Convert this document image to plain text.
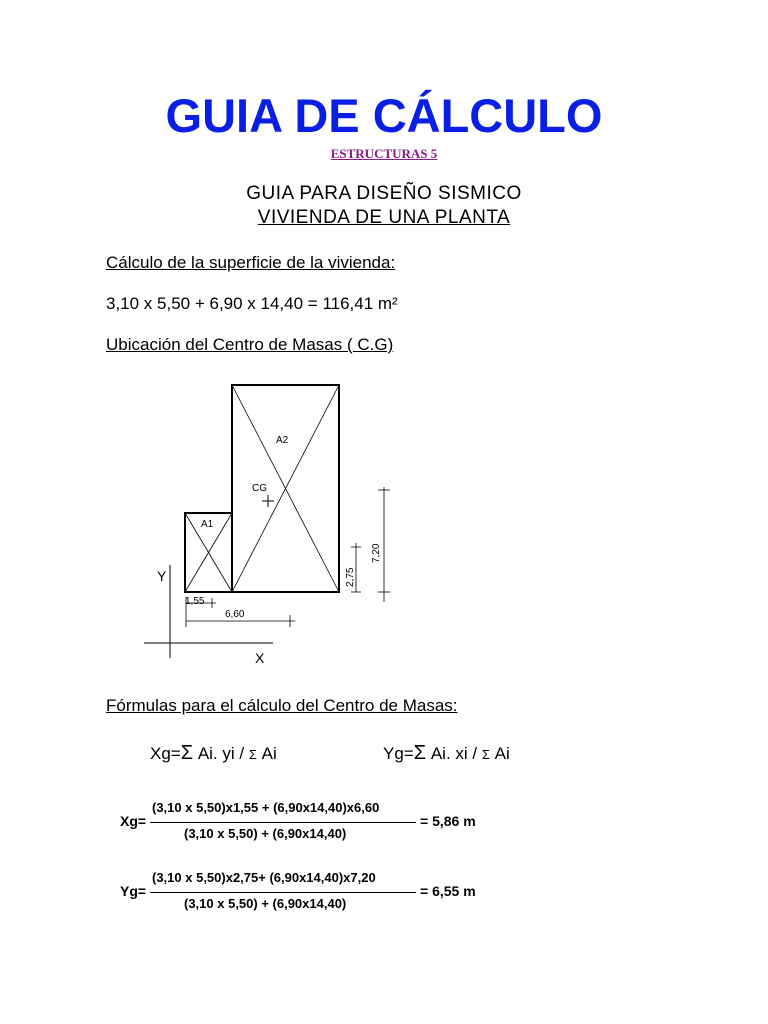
GUIA DE CÁLCULO
ESTRUCTURAS 5
GUIA PARA DISEÑO SISMICO
VIVIENDA DE UNA PLANTA
Cálculo de la superficie de la vivienda:
3,10 x 5,50 + 6,90 x 14,40 = 116,41 m²
Ubicación del Centro de Masas ( C.G)
A2
CG
A1
Y
X
1,55
6,60
2,75
7,20
Fórmulas para el cálculo del Centro de Masas:
Xg=Σ Ai. yi / Σ Ai	Yg=Σ Ai. xi / Σ Ai
Xg=
(3,10 x 5,50)x1,55 + (6,90x14,40)x6,60
(3,10 x 5,50) + (6,90x14,40)
= 5,86 m
Yg=
(3,10 x 5,50)x2,75+ (6,90x14,40)x7,20
(3,10 x 5,50) + (6,90x14,40)
= 6,55 m
